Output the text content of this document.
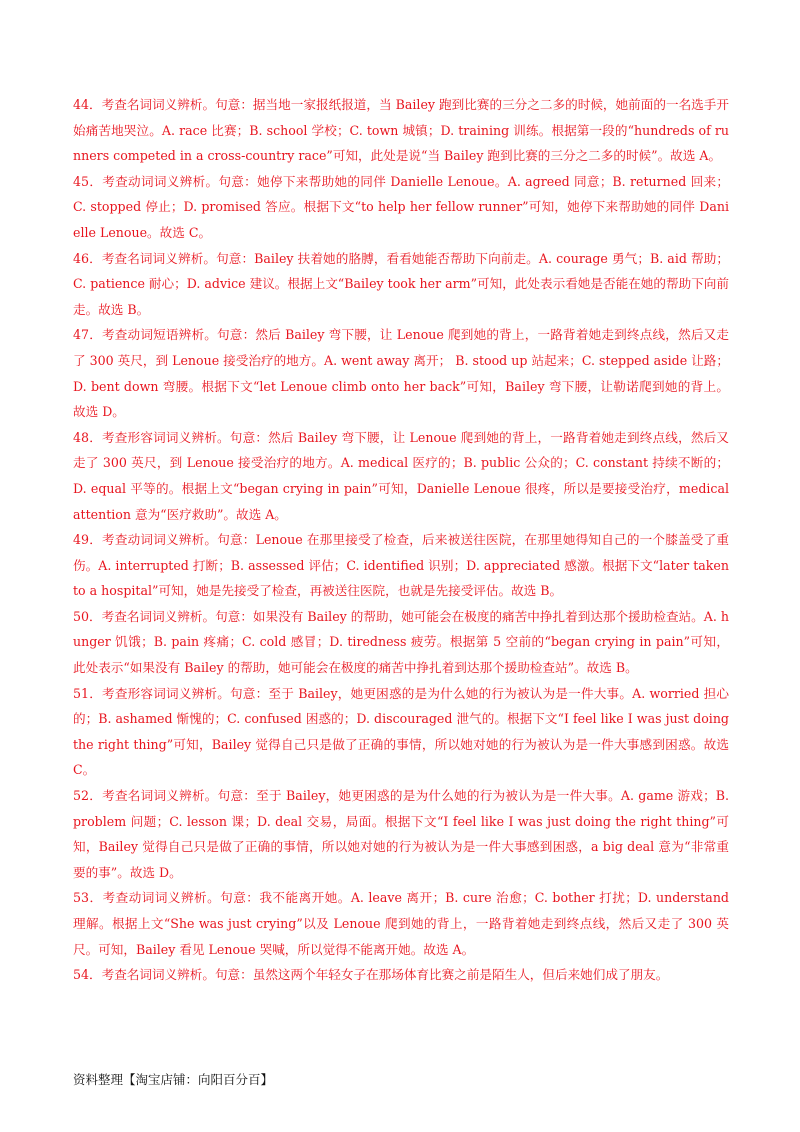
44．考查名词词义辨析。句意：据当地一家报纸报道，当 Bailey 跑到比赛的三分之二多的时候，她前面的一名选手开始痛苦地哭泣。A. race 比赛；B. school 学校；C. town 城镇；D. training 训练。根据第一段的“hundreds of runners competed in a cross-country race”可知，此处是说“当 Bailey 跑到比赛的三分之二多的时候”。故选 A。

45．考查动词词义辨析。句意：她停下来帮助她的同伴 Danielle Lenoue。A. agreed 同意；B. returned 回来；C. stopped 停止；D. promised 答应。根据下文“to help her fellow runner”可知，她停下来帮助她的同伴 Danielle Lenoue。故选 C。

46．考查名词词义辨析。句意：Bailey 扶着她的胳膊，看看她能否帮助下向前走。A. courage 勇气；B. aid 帮助；C. patience 耐心；D. advice 建议。根据上文“Bailey took her arm”可知，此处表示看她是否能在她的帮助下向前走。故选 B。

47．考查动词短语辨析。句意：然后 Bailey 弯下腰，让 Lenoue 爬到她的背上，一路背着她走到终点线，然后又走了 300 英尺，到 Lenoue 接受治疗的地方。A. went away 离开； B. stood up 站起来；C. stepped aside 让路；D. bent down 弯腰。根据下文“let Lenoue climb onto her back”可知，Bailey 弯下腰，让勒诺爬到她的背上。故选 D。

48．考查形容词词义辨析。句意：然后 Bailey 弯下腰，让 Lenoue 爬到她的背上，一路背着她走到终点线，然后又走了 300 英尺，到 Lenoue 接受治疗的地方。A. medical 医疗的；B. public 公众的；C. constant 持续不断的；D. equal 平等的。根据上文“began crying in pain”可知，Danielle Lenoue 很疼，所以是要接受治疗，medical attention 意为“医疗救助”。故选 A。

49．考查动词词义辨析。句意：Lenoue 在那里接受了检查，后来被送往医院，在那里她得知自己的一个膝盖受了重伤。A. interrupted 打断；B. assessed 评估；C. identified 识别；D. appreciated 感激。根据下文“later taken to a hospital”可知，她是先接受了检查，再被送往医院，也就是先接受评估。故选 B。

50．考查名词词义辨析。句意：如果没有 Bailey 的帮助，她可能会在极度的痛苦中挣扎着到达那个援助检查站。A. hunger 饥饿；B. pain 疼痛；C. cold 感冒；D. tiredness 疲劳。根据第 5 空前的“began crying in pain”可知，此处表示“如果没有 Bailey 的帮助，她可能会在极度的痛苦中挣扎着到达那个援助检查站”。故选 B。

51．考查形容词词义辨析。句意：至于 Bailey，她更困惑的是为什么她的行为被认为是一件大事。A. worried 担心的；B. ashamed 惭愧的；C. confused 困惑的；D. discouraged 泄气的。根据下文“I feel like I was just doing the right thing”可知，Bailey 觉得自己只是做了正确的事情，所以她对她的行为被认为是一件大事感到困惑。故选 C。

52．考查名词词义辨析。句意：至于 Bailey，她更困惑的是为什么她的行为被认为是一件大事。A. game 游戏；B. problem 问题；C. lesson 课；D. deal 交易，局面。根据下文“I feel like I was just doing the right thing”可知，Bailey 觉得自己只是做了正确的事情，所以她对她的行为被认为是一件大事感到困惑，a big deal 意为“非常重要的事”。故选 D。

53．考查动词词义辨析。句意：我不能离开她。A. leave 离开；B. cure 治愈；C. bother 打扰；D. understand 理解。根据上文“She was just crying”以及 Lenoue 爬到她的背上，一路背着她走到终点线，然后又走了 300 英尺。可知，Bailey 看见 Lenoue 哭喊，所以觉得不能离开她。故选 A。

54．考查名词词义辨析。句意：虽然这两个年轻女子在那场体育比赛之前是陌生人，但后来她们成了朋友。

资料整理【淘宝店铺：向阳百分百】
